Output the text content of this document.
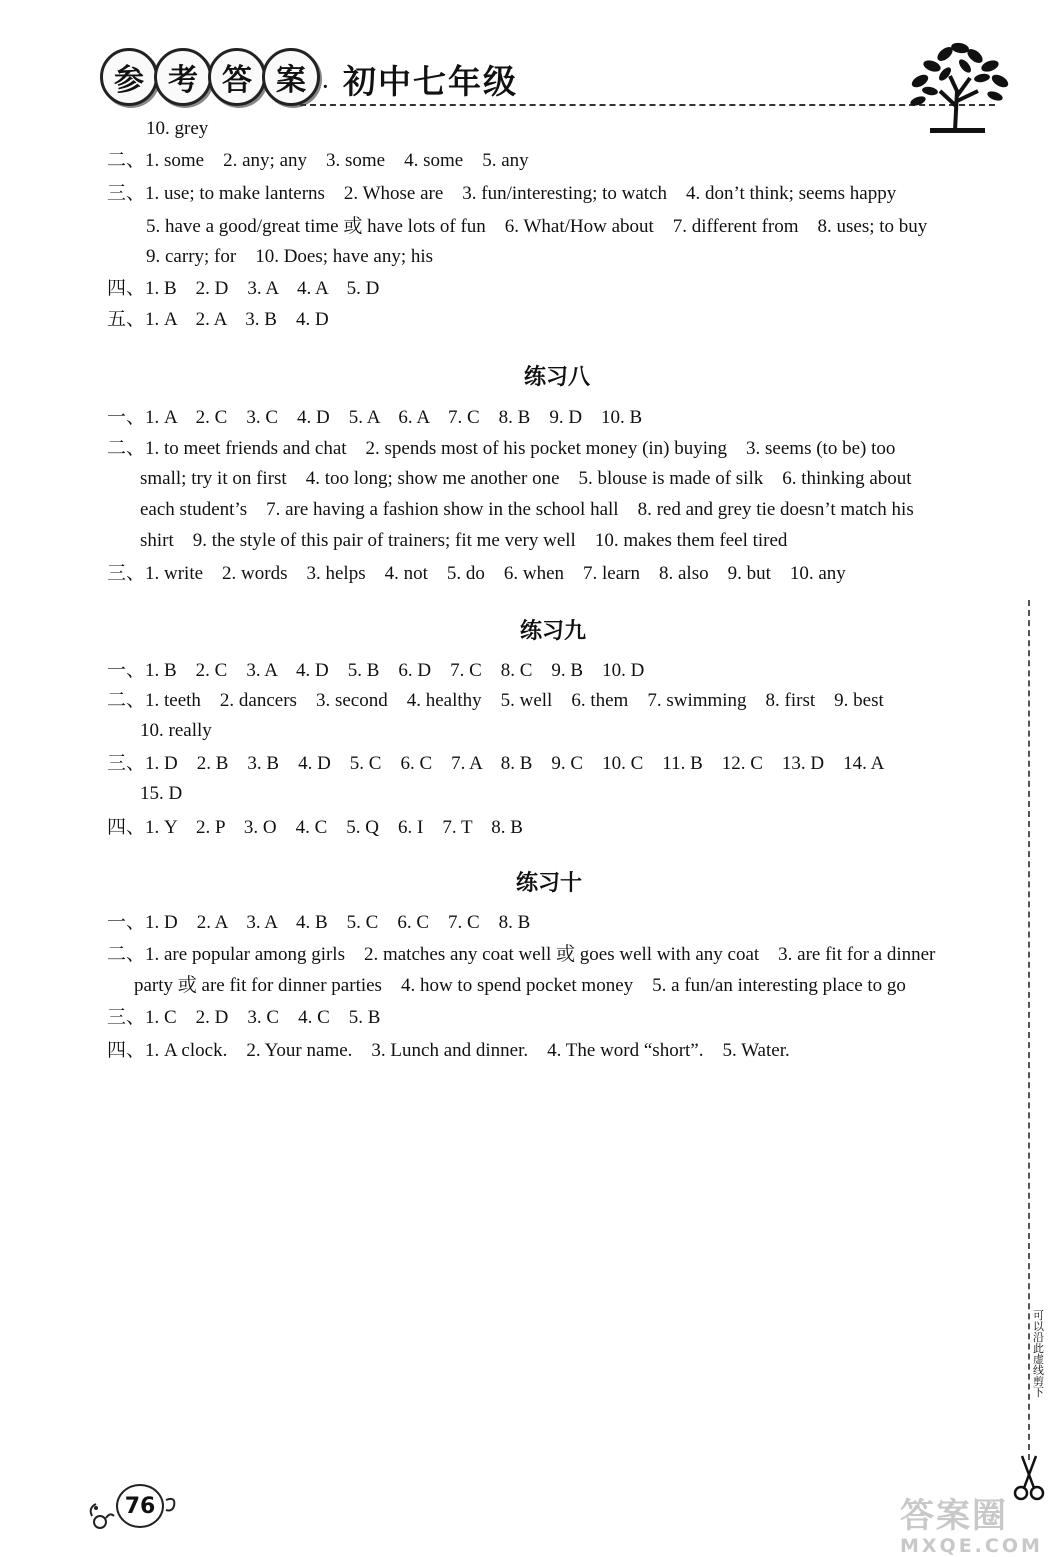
参 考 答 案 · 初中七年级
10. grey
二、1. some　2. any; any　3. some　4. some　5. any
三、1. use; to make lanterns　2. Whose are　3. fun/interesting; to watch　4. don’t think; seems happy
5. have a good/great time 或 have lots of fun　6. What/How about　7. different from　8. uses; to buy
9. carry; for　10. Does; have any; his
四、1. B　2. D　3. A　4. A　5. D
五、1. A　2. A　3. B　4. D
练习八
一、1. A　2. C　3. C　4. D　5. A　6. A　7. C　8. B　9. D　10. B
二、1. to meet friends and chat　2. spends most of his pocket money (in) buying　3. seems (to be) too
small; try it on first　4. too long; show me another one　5. blouse is made of silk　6. thinking about
each student’s　7. are having a fashion show in the school hall　8. red and grey tie doesn’t match his
shirt　9. the style of this pair of trainers; fit me very well　10. makes them feel tired
三、1. write　2. words　3. helps　4. not　5. do　6. when　7. learn　8. also　9. but　10. any
练习九
一、1. B　2. C　3. A　4. D　5. B　6. D　7. C　8. C　9. B　10. D
二、1. teeth　2. dancers　3. second　4. healthy　5. well　6. them　7. swimming　8. first　9. best
10. really
三、1. D　2. B　3. B　4. D　5. C　6. C　7. A　8. B　9. C　10. C　11. B　12. C　13. D　14. A
15. D
四、1. Y　2. P　3. O　4. C　5. Q　6. I　7. T　8. B
练习十
一、1. D　2. A　3. A　4. B　5. C　6. C　7. C　8. B
二、1. are popular among girls　2. matches any coat well 或 goes well with any coat　3. are fit for a dinner
party 或 are fit for dinner parties　4. how to spend pocket money　5. a fun/an interesting place to go
三、1. C　2. D　3. C　4. C　5. B
四、1. A clock.　2. Your name.　3. Lunch and dinner.　4. The word “short”.　5. Water.
可以沿此虚线剪下
76	答案圈
MXQE.COM
